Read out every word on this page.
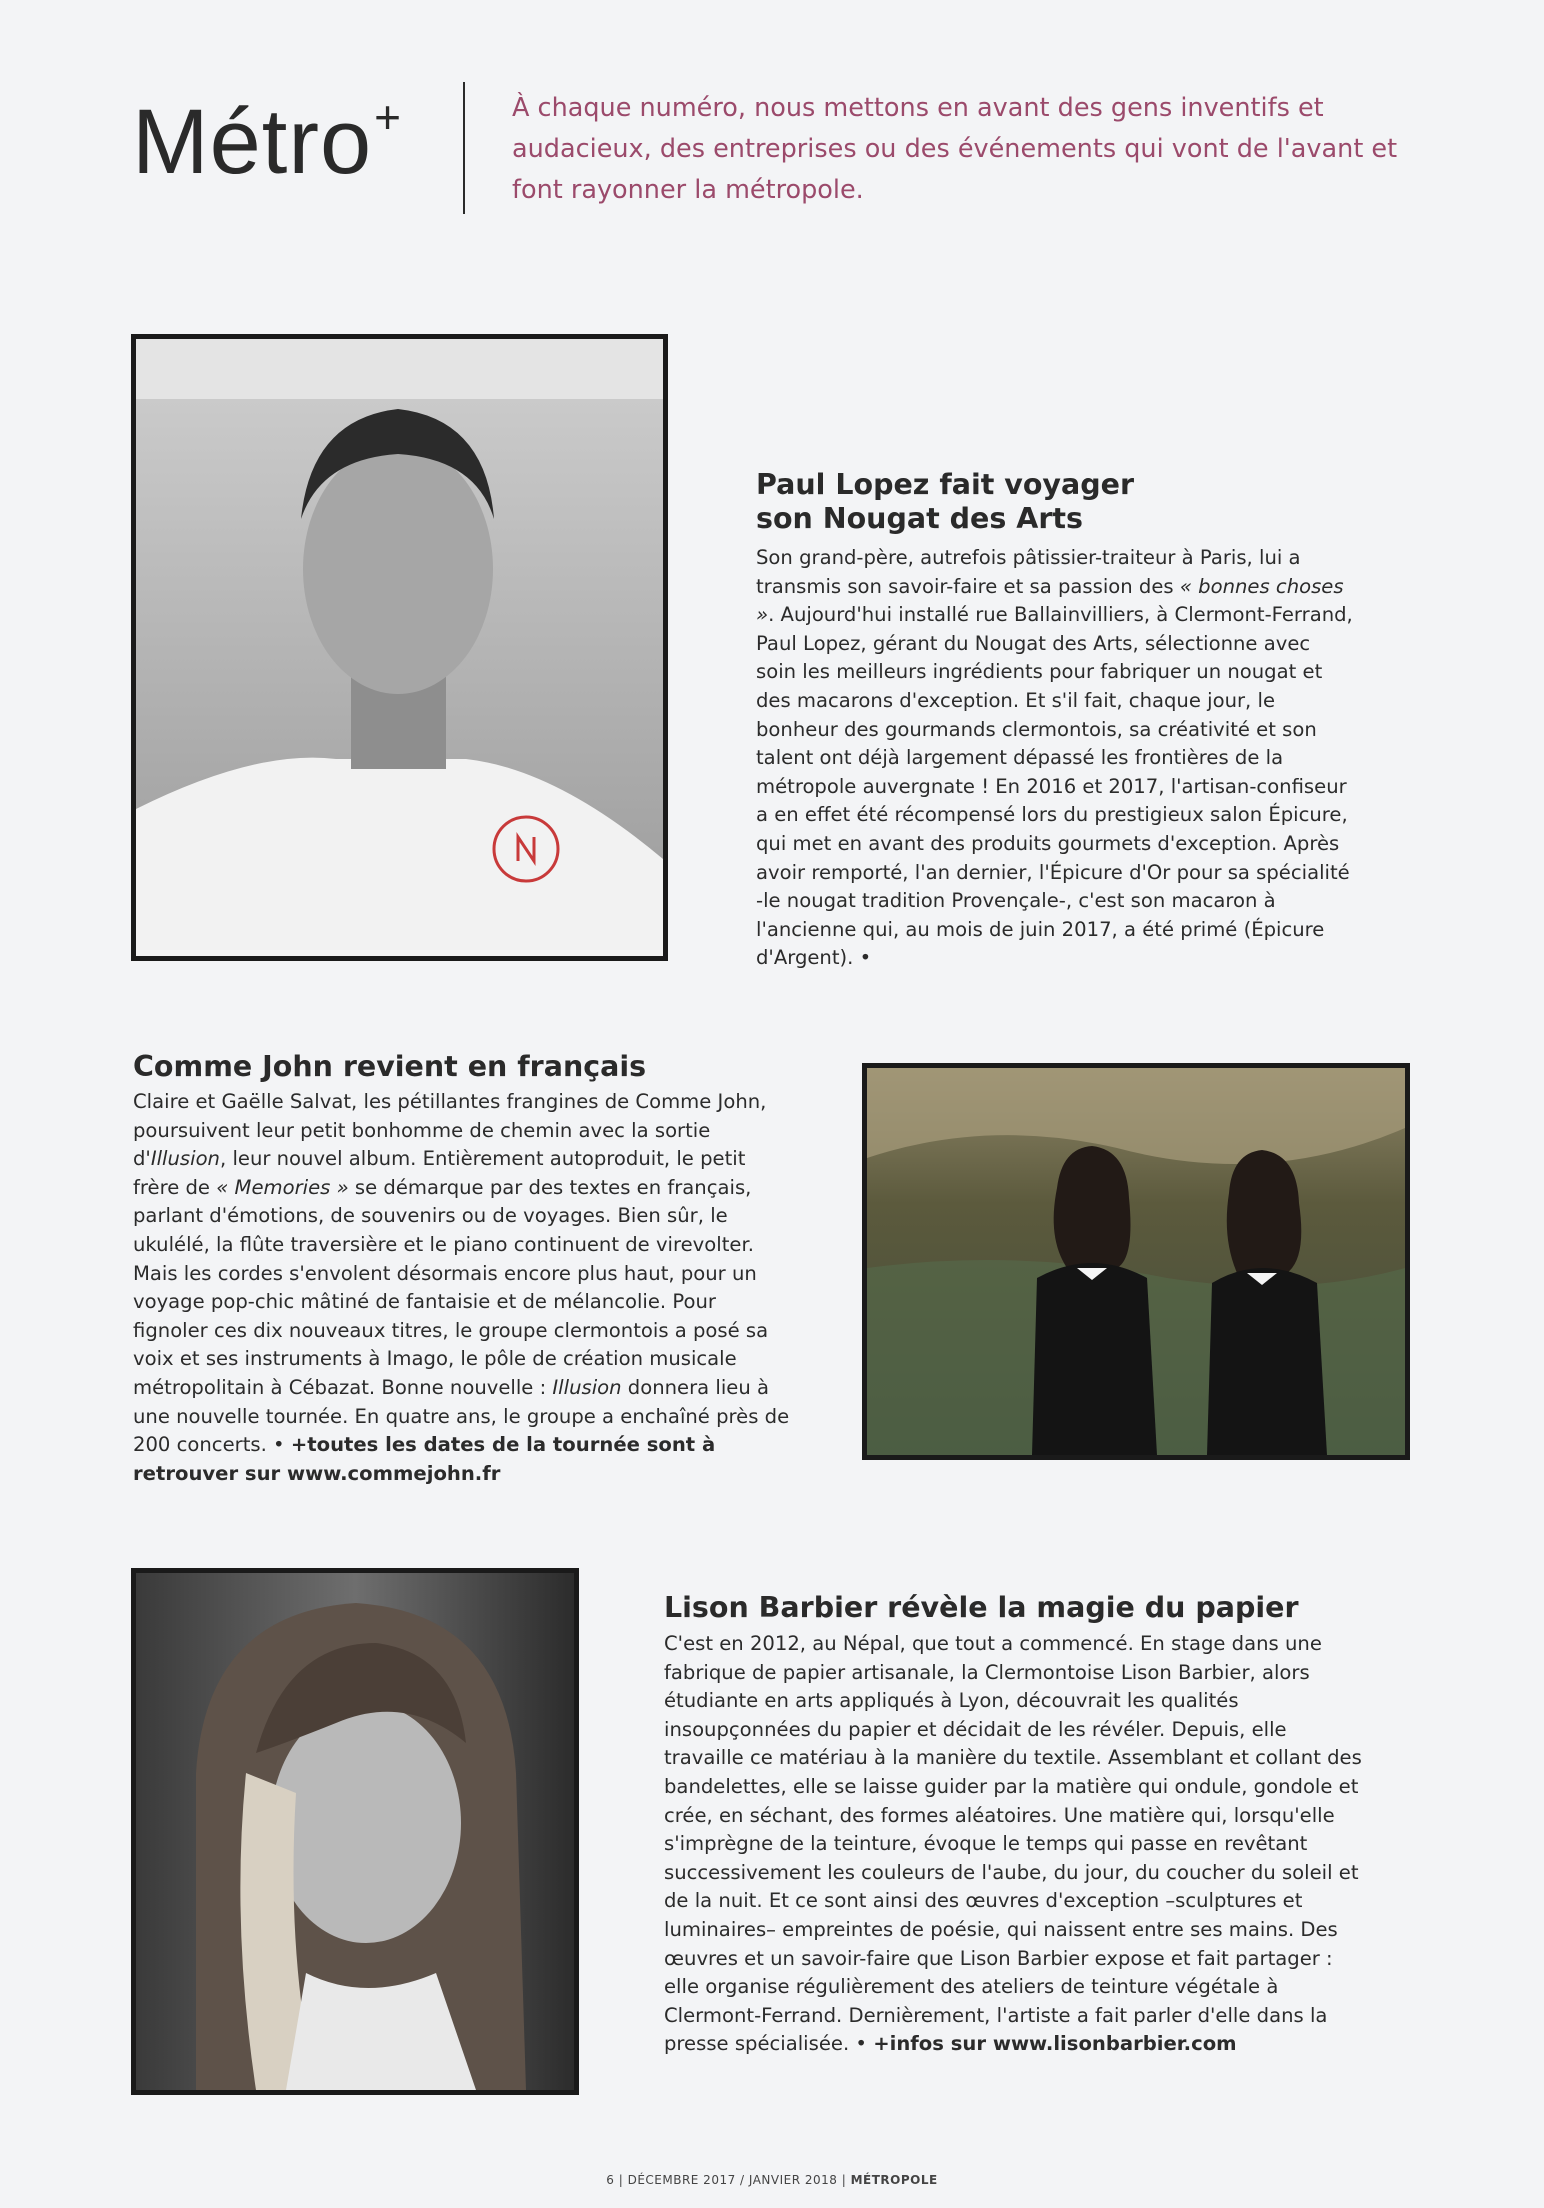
Métro+	À chaque numéro, nous mettons en avant des gens inventifs et audacieux, des entreprises ou des événements qui vont de l'avant et font rayonner la métropole.
Paul Lopez fait voyager son Nougat des Arts
Son grand-père, autrefois pâtissier-traiteur à Paris, lui a transmis son savoir-faire et sa passion des « bonnes choses ». Aujourd'hui installé rue Ballainvilliers, à Clermont-Ferrand, Paul Lopez, gérant du Nougat des Arts, sélectionne avec soin les meilleurs ingrédients pour fabriquer un nougat et des macarons d'exception. Et s'il fait, chaque jour, le bonheur des gourmands clermontois, sa créativité et son talent ont déjà largement dépassé les frontières de la métropole auvergnate ! En 2016 et 2017, l'artisan-confiseur a en effet été récompensé lors du prestigieux salon Épicure, qui met en avant des produits gourmets d'exception. Après avoir remporté, l'an dernier, l'Épicure d'Or pour sa spécialité -le nougat tradition Provençale-, c'est son macaron à l'ancienne qui, au mois de juin 2017, a été primé (Épicure d'Argent). •
Comme John revient en français
Claire et Gaëlle Salvat, les pétillantes frangines de Comme John, poursuivent leur petit bonhomme de chemin avec la sortie d'Illusion, leur nouvel album. Entièrement autoproduit, le petit frère de « Memories » se démarque par des textes en français, parlant d'émotions, de souvenirs ou de voyages. Bien sûr, le ukulélé, la flûte traversière et le piano continuent de virevolter. Mais les cordes s'envolent désormais encore plus haut, pour un voyage pop-chic mâtiné de fantaisie et de mélancolie. Pour fignoler ces dix nouveaux titres, le groupe clermontois a posé sa voix et ses instruments à Imago, le pôle de création musicale métropolitain à Cébazat. Bonne nouvelle : Illusion donnera lieu à une nouvelle tournée. En quatre ans, le groupe a enchaîné près de 200 concerts. • +toutes les dates de la tournée sont à retrouver sur www.commejohn.fr
Lison Barbier révèle la magie du papier
C'est en 2012, au Népal, que tout a commencé. En stage dans une fabrique de papier artisanale, la Clermontoise Lison Barbier, alors étudiante en arts appliqués à Lyon, découvrait les qualités insoupçonnées du papier et décidait de les révéler. Depuis, elle travaille ce matériau à la manière du textile. Assemblant et collant des bandelettes, elle se laisse guider par la matière qui ondule, gondole et crée, en séchant, des formes aléatoires. Une matière qui, lorsqu'elle s'imprègne de la teinture, évoque le temps qui passe en revêtant successivement les couleurs de l'aube, du jour, du coucher du soleil et de la nuit. Et ce sont ainsi des œuvres d'exception –sculptures et luminaires– empreintes de poésie, qui naissent entre ses mains. Des œuvres et un savoir-faire que Lison Barbier expose et fait partager : elle organise régulièrement des ateliers de teinture végétale à Clermont-Ferrand. Dernièrement, l'artiste a fait parler d'elle dans la presse spécialisée. • +infos sur www.lisonbarbier.com
6 | DÉCEMBRE 2017 / JANVIER 2018 | MÉTROPOLE
